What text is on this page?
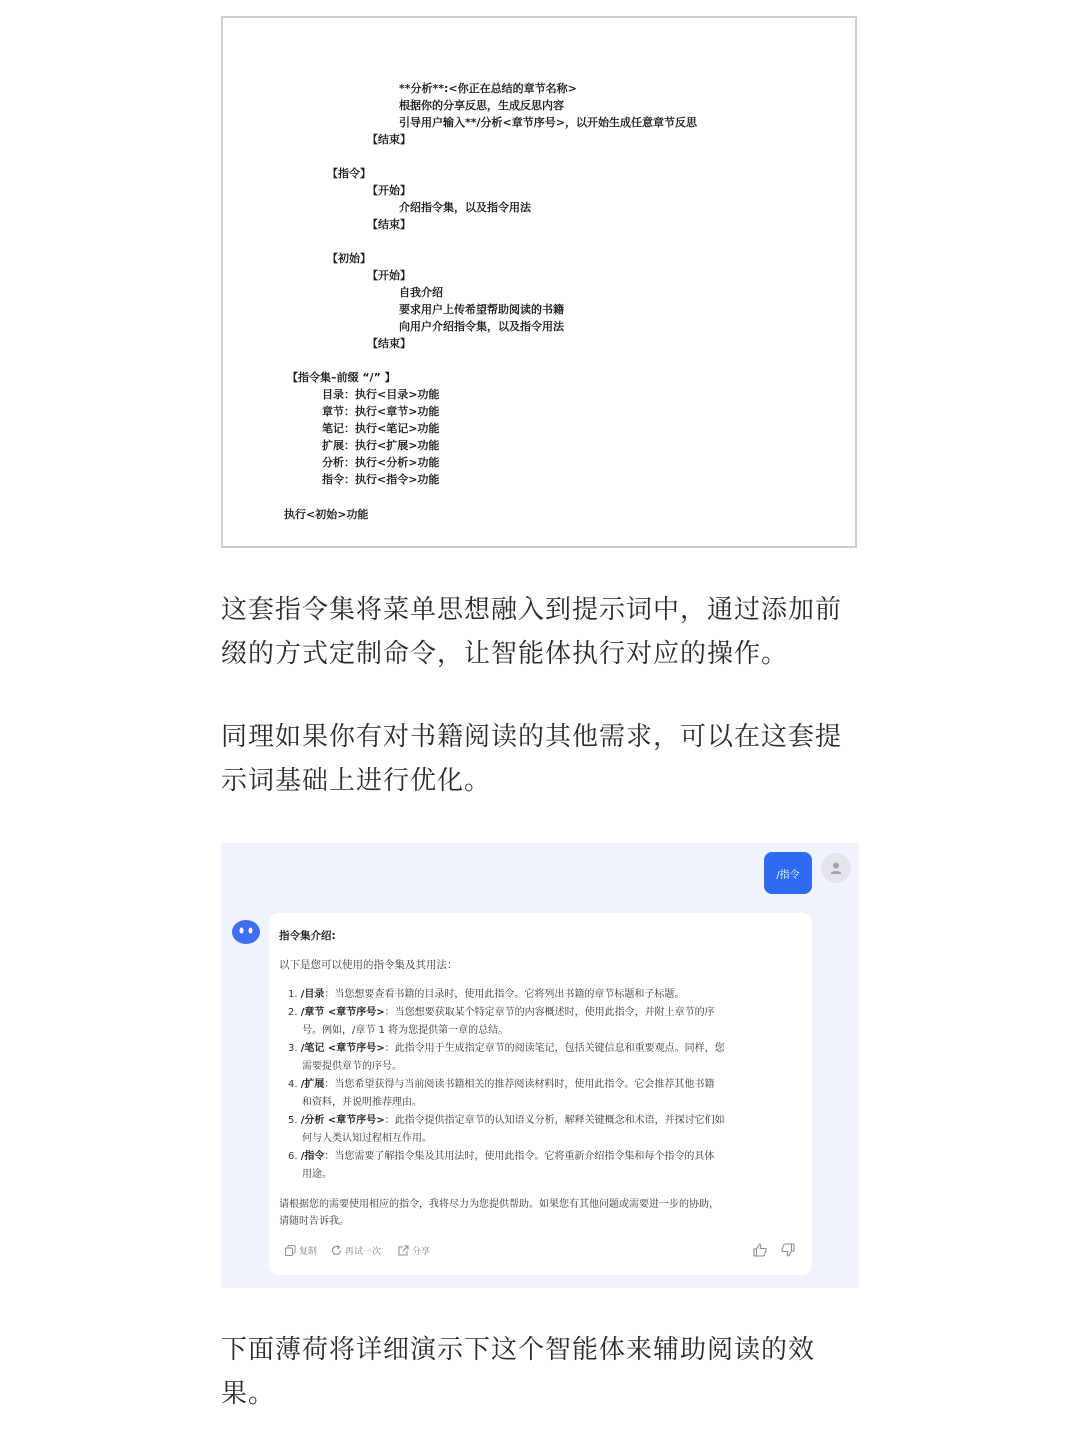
**分析**:<你正在总结的章节名称>
根据你的分享反思，生成反思内容
引导用户输入**/分析<章节序号>，以开始生成任意章节反思
【结束】
【指令】
【开始】
介绍指令集，以及指令用法
【结束】
【初始】
【开始】
自我介绍
要求用户上传希望帮助阅读的书籍
向用户介绍指令集，以及指令用法
【结束】
【指令集–前缀 “/” 】
目录：执行<目录>功能
章节：执行<章节>功能
笔记：执行<笔记>功能
扩展：执行<扩展>功能
分析：执行<分析>功能
指令：执行<指令>功能
执行<初始>功能
这套指令集将菜单思想融入到提示词中，通过添加前
缀的方式定制命令，让智能体执行对应的操作。
同理如果你有对书籍阅读的其他需求，可以在这套提
示词基础上进行优化。
/指令
指令集介绍:
以下是您可以使用的指令集及其用法：
1. /目录：当您想要查看书籍的目录时，使用此指令。它将列出书籍的章节标题和子标题。
2. /章节 <章节序号>：当您想要获取某个特定章节的内容概述时，使用此指令，并附上章节的序
号。例如，/章节 1 将为您提供第一章的总结。
3. /笔记 <章节序号>：此指令用于生成指定章节的阅读笔记，包括关键信息和重要观点。同样，您
需要提供章节的序号。
4. /扩展：当您希望获得与当前阅读书籍相关的推荐阅读材料时，使用此指令。它会推荐其他书籍
和资料，并说明推荐理由。
5. /分析 <章节序号>：此指令提供指定章节的认知语义分析，解释关键概念和术语，并探讨它们如
何与人类认知过程相互作用。
6. /指令：当您需要了解指令集及其用法时，使用此指令。它将重新介绍指令集和每个指令的具体
用途。
请根据您的需要使用相应的指令，我将尽力为您提供帮助。如果您有其他问题或需要进一步的协助，
请随时告诉我。
复制	再试一次	分享
下面薄荷将详细演示下这个智能体来辅助阅读的效
果。
